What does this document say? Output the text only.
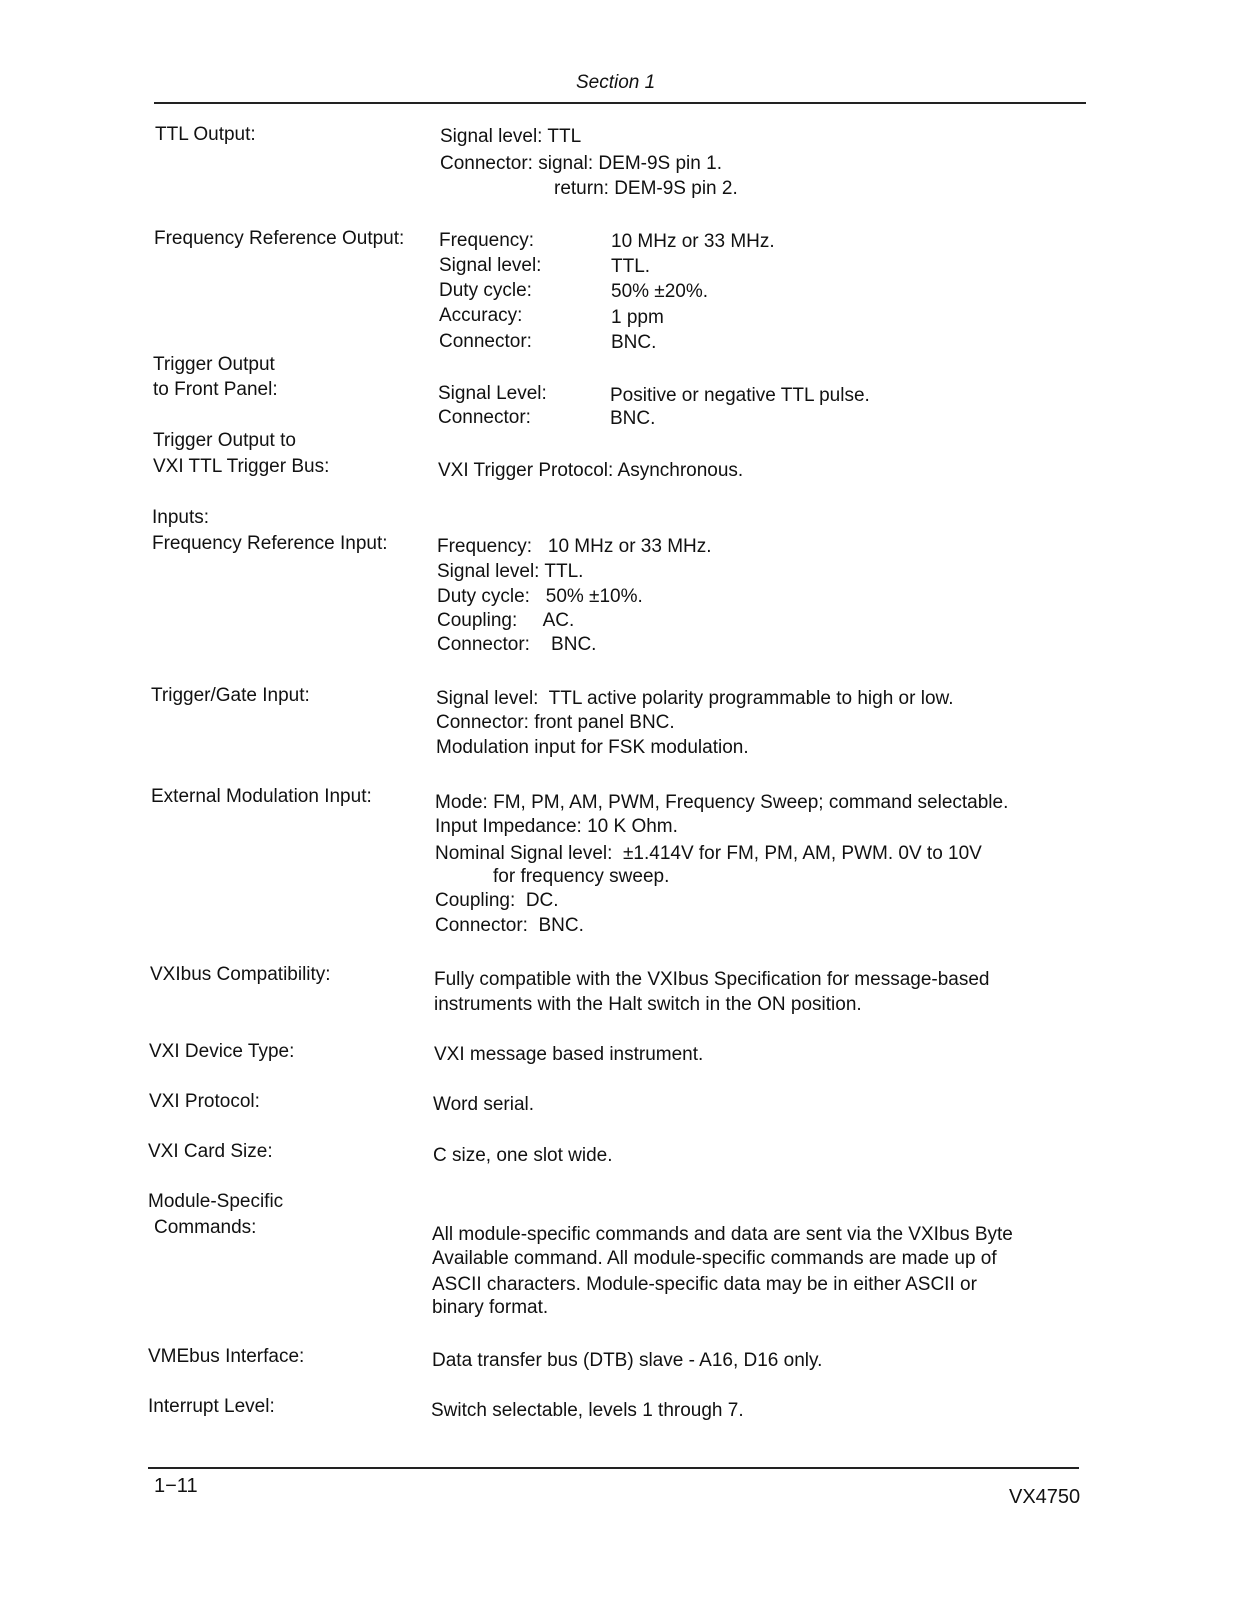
Section 1
TTL Output:	Signal level: TTL
Connector: signal: DEM-9S pin 1.
return: DEM-9S pin 2.
Frequency Reference Output: Frequency:	10 MHz or 33 MHz.
Signal level:	TTL.
Duty cycle:	50% ±20%.
Accuracy:	1 ppm
Connector:	BNC.
Trigger Output
to Front Panel:	Signal Level:	Positive or negative TTL pulse.
Connector:	BNC.
Trigger Output to
VXI TTL Trigger Bus:	VXI Trigger Protocol: Asynchronous.
Inputs:
Frequency Reference Input:	Frequency:   10 MHz or 33 MHz.
Signal level: TTL.
Duty cycle:   50% ±10%.
Coupling:     AC.
Connector:    BNC.
Trigger/Gate Input:	Signal level:  TTL active polarity programmable to high or low.
Connector: front panel BNC.
Modulation input for FSK modulation.
External Modulation Input:	Mode: FM, PM, AM, PWM, Frequency Sweep; command selectable.
Input Impedance: 10 K Ohm.
Nominal Signal level:  ±1.414V for FM, PM, AM, PWM. 0V to 10V
for frequency sweep.
Coupling:  DC.
Connector:  BNC.
VXIbus Compatibility:	Fully compatible with the VXIbus Specification for message-based
instruments with the Halt switch in the ON position.
VXI Device Type:	VXI message based instrument.
VXI Protocol:	Word serial.
VXI Card Size:	C size, one slot wide.
Module-Specific
Commands:	All module-specific commands and data are sent via the VXIbus Byte
Available command. All module-specific commands are made up of
ASCII characters. Module-specific data may be in either ASCII or
binary format.
VMEbus Interface:	Data transfer bus (DTB) slave - A16, D16 only.
Interrupt Level:	Switch selectable, levels 1 through 7.
1−11	VX4750
